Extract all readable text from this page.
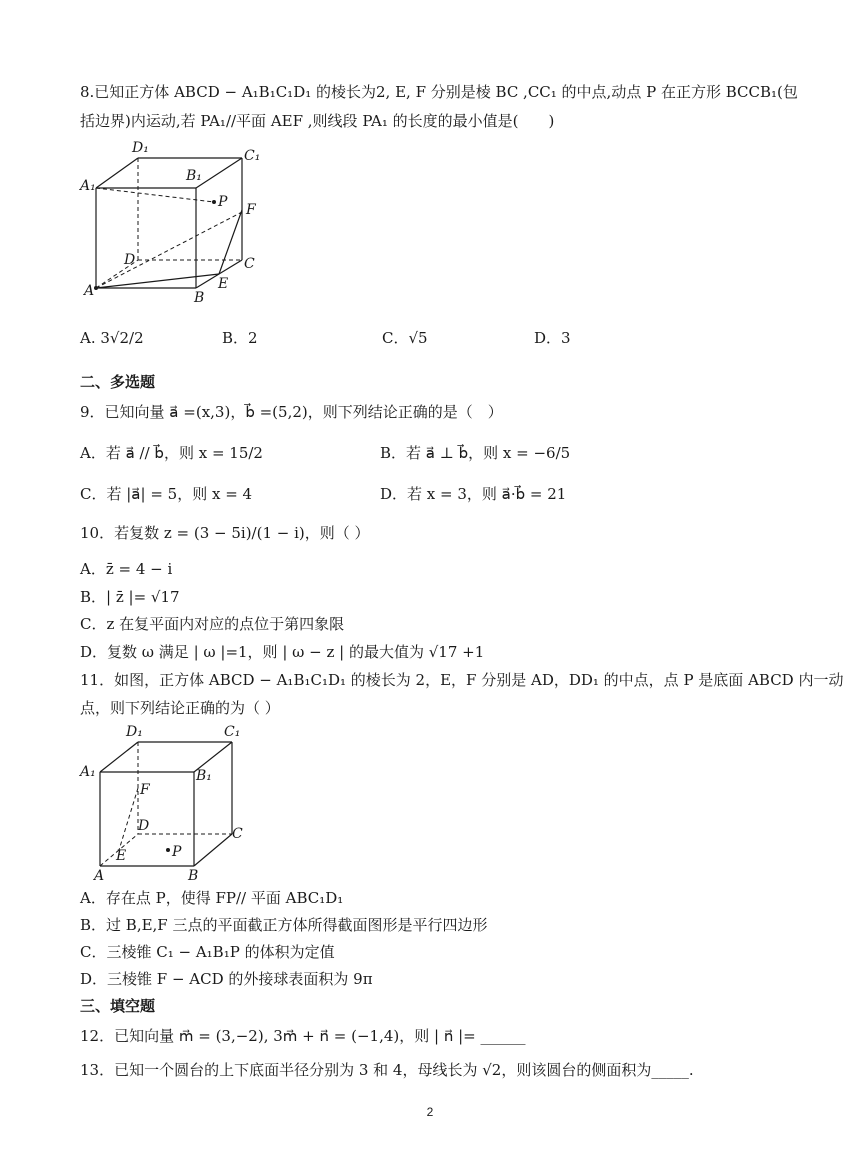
8.已知正方体 ABCD − A₁B₁C₁D₁ 的棱长为2, E, F 分别是棱 BC ,CC₁ 的中点,动点 P 在正方形 BCCB₁(包
括边界)内运动,若 PA₁//平面 AEF ,则线段 PA₁ 的长度的最小值是(　　)
D₁	C₁
A₁
B₁
P F
D	C
A	B
E
A. 3√2/2	B．2	C．√5	D．3
二、多选题
9．已知向量 a⃗ =(x,3)，b⃗ =(5,2)，则下列结论正确的是（　）
A．若 a⃗ // b⃗，则 x = 15/2	B．若 a⃗ ⊥ b⃗，则 x = −6/5
C．若 |a⃗| = 5，则 x = 4	D．若 x = 3，则 a⃗·b⃗ = 21
10．若复数 z = (3 − 5i)/(1 − i)，则（ ）
A．z̄ = 4 − i
B．| z̄ |= √17
C．z 在复平面内对应的点位于第四象限
D．复数 ω 满足 | ω |=1，则 | ω − z | 的最大值为 √17 +1
11．如图，正方体 ABCD − A₁B₁C₁D₁ 的棱长为 2，E，F 分别是 AD，DD₁ 的中点，点 P 是底面 ABCD 内一动
点，则下列结论正确的为（ ）
D₁	C₁
A₁	B₁
F
D	C
E	P
A	B
A．存在点 P，使得 FP// 平面 ABC₁D₁
B．过 B,E,F 三点的平面截正方体所得截面图形是平行四边形
C．三棱锥 C₁ − A₁B₁P 的体积为定值
D．三棱锥 F − ACD 的外接球表面积为 9π
三、填空题
12．已知向量 m⃗ = (3,−2), 3m⃗ + n⃗ = (−1,4)，则 | n⃗ |= ______
13．已知一个圆台的上下底面半径分别为 3 和 4，母线长为 √2，则该圆台的侧面积为_____.
2
